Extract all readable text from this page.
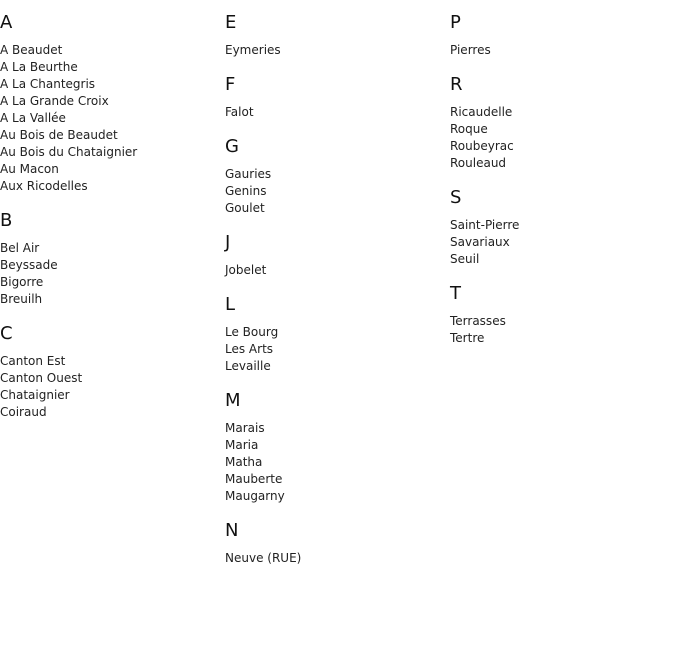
A
A Beaudet
A La Beurthe
A La Chantegris
A La Grande Croix
A La Vallée
Au Bois de Beaudet
Au Bois du Chataignier
Au Macon
Aux Ricodelles
B
Bel Air
Beyssade
Bigorre
Breuilh
C
Canton Est
Canton Ouest
Chataignier
Coiraud
E
Eymeries
F
Falot
G
Gauries
Genins
Goulet
J
Jobelet
L
Le Bourg
Les Arts
Levaille
M
Marais
Maria
Matha
Mauberte
Maugarny
N
Neuve (RUE)
P
Pierres
R
Ricaudelle
Roque
Roubeyrac
Rouleaud
S
Saint-Pierre
Savariaux
Seuil
T
Terrasses
Tertre
